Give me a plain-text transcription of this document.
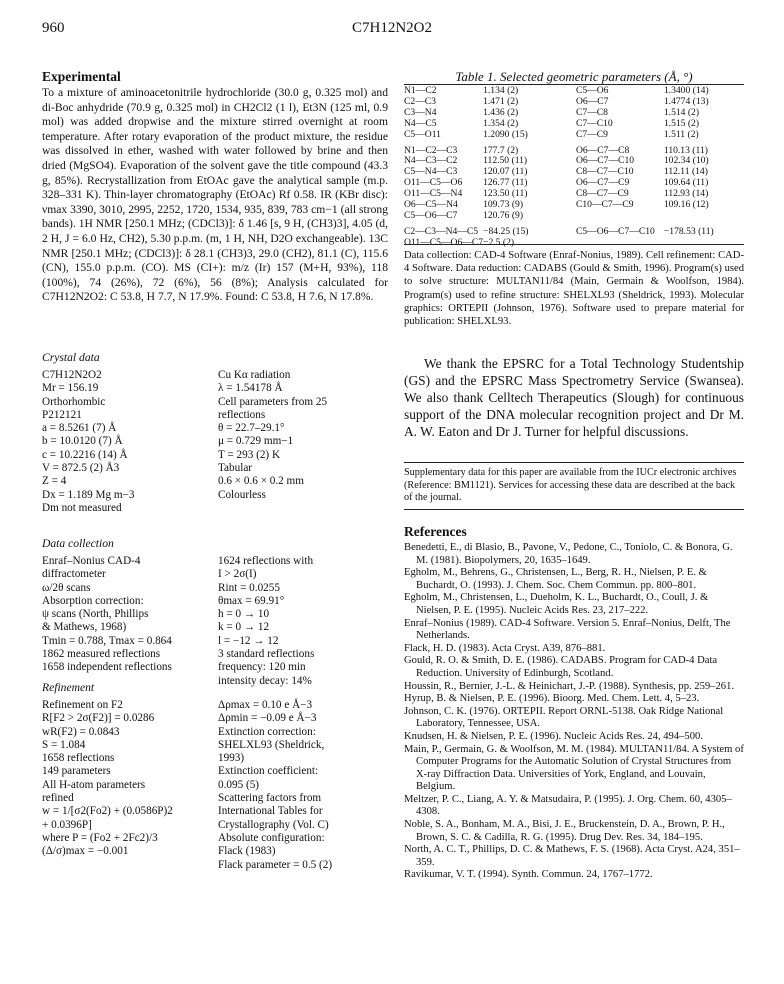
960	C7H12N2O2
Experimental
To a mixture of aminoacetonitrile hydrochloride (30.0 g, 0.325 mol) and di-Boc anhydride (70.9 g, 0.325 mol) in CH2Cl2 (1 l), Et3N (125 ml, 0.9 mol) was added dropwise and the mixture stirred overnight at room temperature. After rotary evaporation of the product mixture, the residue was dissolved in ether, washed with water followed by brine and then dried (MgSO4). Evaporation of the solvent gave the title compound (43.3 g, 85%). Recrystallization from EtOAc gave the analytical sample (m.p. 328–331 K). Thin-layer chromatography (EtOAc) Rf 0.58. IR (KBr disc): νmax 3390, 3010, 2995, 2252, 1720, 1534, 935, 839, 783 cm−1 (all strong bands). 1H NMR [250.1 MHz; (CDCl3)]: δ 1.46 [s, 9 H, (CH3)3], 4.05 (d, 2 H, J = 6.0 Hz, CH2), 5.30 p.p.m. (m, 1 H, NH, D2O exchangeable). 13C NMR [250.1 MHz; (CDCl3)]: δ 28.1 (CH3)3, 29.0 (CH2), 81.1 (C), 115.6 (CN), 155.0 p.p.m. (CO). MS (CI+): m/z (Ir) 157 (M+H, 93%), 118 (100%), 74 (26%), 72 (6%), 56 (8%); Analysis calculated for C7H12N2O2: C 53.8, H 7.7, N 17.9%. Found: C 53.8, H 7.6, N 17.8%.
Crystal data
C7H12N2O2
Mr = 156.19
Orthorhombic
P212121
a = 8.5261 (7) Å
b = 10.0120 (7) Å
c = 10.2216 (14) Å
V = 872.5 (2) Å3
Z = 4
Dx = 1.189 Mg m−3
Dm not measured
Cu Kα radiation
λ = 1.54178 Å
Cell parameters from 25
reflections
θ = 22.7–29.1°
μ = 0.729 mm−1
T = 293 (2) K
Tabular
0.6 × 0.6 × 0.2 mm
Colourless
Data collection
Enraf–Nonius CAD-4
diffractometer
ω/2θ scans
Absorption correction:
ψ scans (North, Phillips
& Mathews, 1968)
Tmin = 0.788, Tmax = 0.864
1862 measured reflections
1658 independent reflections
1624 reflections with
I > 2σ(I)
Rint = 0.0255
θmax = 69.91°
h = 0 → 10
k = 0 → 12
l = −12 → 12
3 standard reflections
frequency: 120 min
intensity decay: 14%
Refinement
Refinement on F2
R[F2 > 2σ(F2)] = 0.0286
wR(F2) = 0.0843
S = 1.084
1658 reflections
149 parameters
All H-atom parameters
refined
w = 1/[σ2(Fo2) + (0.0586P)2
+ 0.0396P]
where P = (Fo2 + 2Fc2)/3
(Δ/σ)max = −0.001
Δρmax = 0.10 e Å−3
Δρmin = −0.09 e Å−3
Extinction correction:
SHELXL93 (Sheldrick,
1993)
Extinction coefficient:
0.095 (5)
Scattering factors from
International Tables for
Crystallography (Vol. C)
Absolute configuration:
Flack (1983)
Flack parameter = 0.5 (2)
Table 1. Selected geometric parameters (Å, °)
N1—C2	1.134 (2)	C5—O6	1.3400 (14)
C2—C3	1.471 (2)	O6—C7	1.4774 (13)
C3—N4	1.436 (2)	C7—C8	1.514 (2)
N4—C5	1.354 (2)	C7—C10	1.515 (2)
C5—O11	1.2090 (15)	C7—C9	1.511 (2)

N1—C2—C3	177.7 (2)	O6—C7—C8	110.13 (11)
N4—C3—C2	112.50 (11)	O6—C7—C10	102.34 (10)
C5—N4—C3	120.07 (11)	C8—C7—C10	112.11 (14)
O11—C5—O6	126.77 (11)	O6—C7—C9	109.64 (11)
O11—C5—N4	123.50 (11)	C8—C7—C9	112.93 (14)
O6—C5—N4	109.73 (9)	C10—C7—C9	109.16 (12)
C5—O6—C7	120.76 (9)		

C2—C3—N4—C5	−84.25 (15)	C5—O6—C7—C10	−178.53 (11)
O11—C5—O6—C7	−2.5 (2)		
Data collection: CAD-4 Software (Enraf-Nonius, 1989). Cell refinement: CAD-4 Software. Data reduction: CADABS (Gould & Smith, 1996). Program(s) used to solve structure: MULTAN11/84 (Main, Germain & Woolfson, 1984). Program(s) used to refine structure: SHELXL93 (Sheldrick, 1993). Molecular graphics: ORTEPII (Johnson, 1976). Software used to prepare material for publication: SHELXL93.
We thank the EPSRC for a Total Technology Studentship (GS) and the EPSRC Mass Spectrometry Service (Swansea). We also thank Celltech Therapeutics (Slough) for continuous support of the DNA molecular recognition project and Dr M. A. W. Eaton and Dr J. Turner for helpful discussions.
Supplementary data for this paper are available from the IUCr electronic archives (Reference: BM1121). Services for accessing these data are described at the back of the journal.
References
Benedetti, E., di Blasio, B., Pavone, V., Pedone, C., Toniolo, C. & Bonora, G. M. (1981). Biopolymers, 20, 1635–1649.
Egholm, M., Behrens, G., Christensen, L., Berg, R. H., Nielsen, P. E. & Buchardt, O. (1993). J. Chem. Soc. Chem Commun. pp. 800–801.
Egholm, M., Christensen, L., Dueholm, K. L., Buchardt, O., Coull, J. & Nielsen, P. E. (1995). Nucleic Acids Res. 23, 217–222.
Enraf–Nonius (1989). CAD-4 Software. Version 5. Enraf–Nonius, Delft, The Netherlands.
Flack, H. D. (1983). Acta Cryst. A39, 876–881.
Gould, R. O. & Smith, D. E. (1986). CADABS. Program for CAD-4 Data Reduction. University of Edinburgh, Scotland.
Houssin, R., Bernier, J.-L. & Heinichart, J.-P. (1988). Synthesis, pp. 259–261.
Hyrup, B. & Nielsen, P. E. (1996). Bioorg. Med. Chem. Lett. 4, 5–23.
Johnson, C. K. (1976). ORTEPII. Report ORNL-5138. Oak Ridge National Laboratory, Tennessee, USA.
Knudsen, H. & Nielsen, P. E. (1996). Nucleic Acids Res. 24, 494–500.
Main, P., Germain, G. & Woolfson, M. M. (1984). MULTAN11/84. A System of Computer Programs for the Automatic Solution of Crystal Structures from X-ray Diffraction Data. Universities of York, England, and Louvain, Belgium.
Meltzer, P. C., Liang, A. Y. & Matsudaira, P. (1995). J. Org. Chem. 60, 4305–4308.
Noble, S. A., Bonham, M. A., Bisi, J. E., Bruckenstein, D. A., Brown, P. H., Brown, S. C. & Cadilla, R. G. (1995). Drug Dev. Res. 34, 184–195.
North, A. C. T., Phillips, D. C. & Mathews, F. S. (1968). Acta Cryst. A24, 351–359.
Ravikumar, V. T. (1994). Synth. Commun. 24, 1767–1772.
